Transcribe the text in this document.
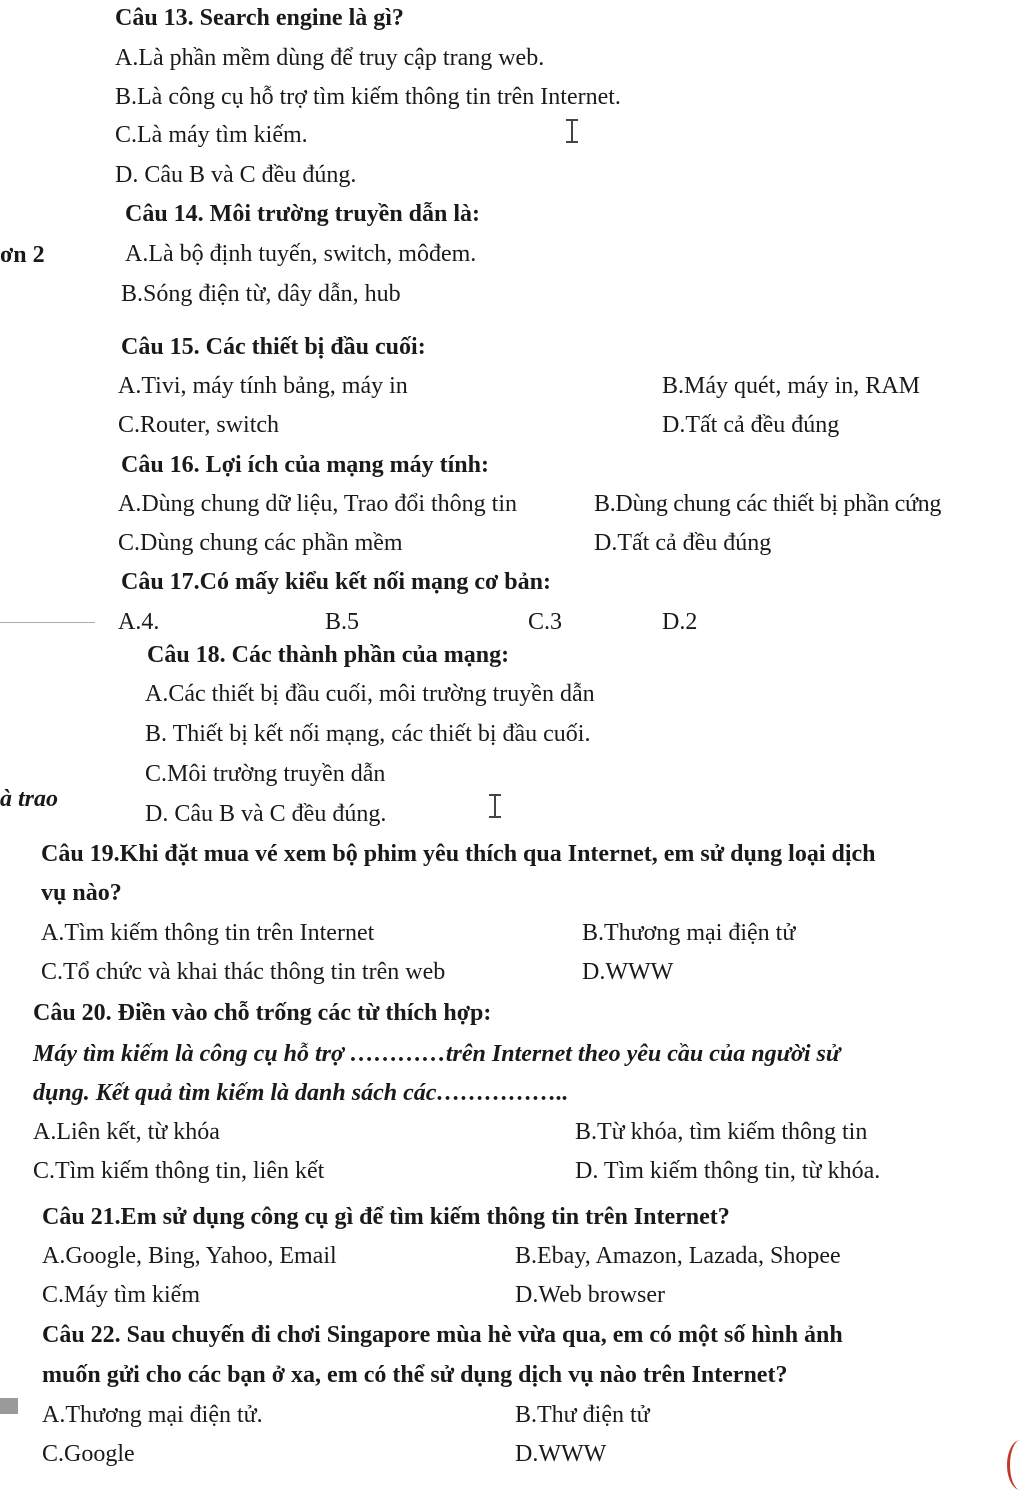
ơn 2
à trao
Câu 13. Search engine là gì?
A.Là phần mềm dùng để truy cập trang web.
B.Là công cụ hỗ trợ tìm kiếm thông tin trên Internet.
C.Là máy tìm kiếm.
D. Câu B và C đều đúng.
Câu 14. Môi trường truyền dẫn là:
A.Là bộ định tuyến, switch, môđem.
B.Sóng điện từ, dây dẫn, hub
Câu 15. Các thiết bị đầu cuối:
A.Tivi, máy tính bảng, máy in	B.Máy quét, máy in, RAM
C.Router, switch	D.Tất cả đều đúng
Câu 16. Lợi ích của mạng máy tính:
A.Dùng chung dữ liệu, Trao đổi thông tin	B.Dùng chung các thiết bị phần cứng
C.Dùng chung các phần mềm	D.Tất cả đều đúng
Câu 17.Có mấy kiểu kết nối mạng cơ bản:
A.4.	B.5	C.3	D.2
Câu 18. Các thành phần của mạng:
A.Các thiết bị đầu cuối, môi trường truyền dẫn
B. Thiết bị kết nối mạng, các thiết bị đầu cuối.
C.Môi trường truyền dẫn
D. Câu B và C đều đúng.
Câu 19.Khi đặt mua vé xem bộ phim yêu thích qua Internet, em sử dụng loại dịch
vụ nào?
A.Tìm kiếm thông tin trên Internet	B.Thương mại điện tử
C.Tổ chức và khai thác thông tin trên web	D.WWW
Câu 20. Điền vào chỗ trống các từ thích hợp:
Máy tìm kiếm là công cụ hỗ trợ …………trên Internet theo yêu cầu của người sử
dụng. Kết quả tìm kiếm là danh sách các……………..
A.Liên kết, từ khóa	B.Từ khóa, tìm kiếm thông tin
C.Tìm kiếm thông tin, liên kết	D. Tìm kiếm thông tin, từ khóa.
Câu 21.Em sử dụng công cụ gì để tìm kiếm thông tin trên Internet?
A.Google, Bing, Yahoo, Email	B.Ebay, Amazon, Lazada, Shopee
C.Máy tìm kiếm	D.Web browser
Câu 22. Sau chuyến đi chơi Singapore mùa hè vừa qua, em có một số hình ảnh
muốn gửi cho các bạn ở xa, em có thể sử dụng dịch vụ nào trên Internet?
A.Thương mại điện tử.	B.Thư điện tử
C.Google	D.WWW
